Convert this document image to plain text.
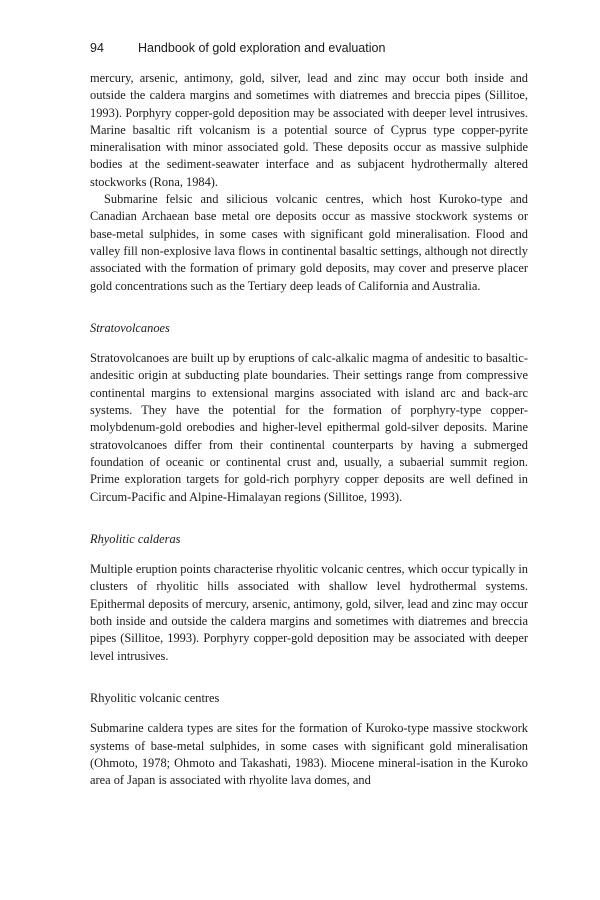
94	Handbook of gold exploration and evaluation

mercury, arsenic, antimony, gold, silver, lead and zinc may occur both inside and outside the caldera margins and sometimes with diatremes and breccia pipes (Sillitoe, 1993). Porphyry copper-gold deposition may be associated with deeper level intrusives. Marine basaltic rift volcanism is a potential source of Cyprus type copper-pyrite mineralisation with minor associated gold. These deposits occur as massive sulphide bodies at the sediment-seawater interface and as subjacent hydrothermally altered stockworks (Rona, 1984).

Submarine felsic and silicious volcanic centres, which host Kuroko-type and Canadian Archaean base metal ore deposits occur as massive stockwork systems or base-metal sulphides, in some cases with significant gold mineralisation. Flood and valley fill non-explosive lava flows in continental basaltic settings, although not directly associated with the formation of primary gold deposits, may cover and preserve placer gold concentrations such as the Tertiary deep leads of California and Australia.

Stratovolcanoes

Stratovolcanoes are built up by eruptions of calc-alkalic magma of andesitic to basaltic-andesitic origin at subducting plate boundaries. Their settings range from compressive continental margins to extensional margins associated with island arc and back-arc systems. They have the potential for the formation of porphyry-type copper-molybdenum-gold orebodies and higher-level epithermal gold-silver deposits. Marine stratovolcanoes differ from their continental counterparts by having a submerged foundation of oceanic or continental crust and, usually, a subaerial summit region. Prime exploration targets for gold-rich porphyry copper deposits are well defined in Circum-Pacific and Alpine-Himalayan regions (Sillitoe, 1993).

Rhyolitic calderas

Multiple eruption points characterise rhyolitic volcanic centres, which occur typically in clusters of rhyolitic hills associated with shallow level hydrothermal systems. Epithermal deposits of mercury, arsenic, antimony, gold, silver, lead and zinc may occur both inside and outside the caldera margins and sometimes with diatremes and breccia pipes (Sillitoe, 1993). Porphyry copper-gold deposition may be associated with deeper level intrusives.

Rhyolitic volcanic centres

Submarine caldera types are sites for the formation of Kuroko-type massive stockwork systems of base-metal sulphides, in some cases with significant gold mineralisation (Ohmoto, 1978; Ohmoto and Takashati, 1983). Miocene mineral-isation in the Kuroko area of Japan is associated with rhyolite lava domes, and
